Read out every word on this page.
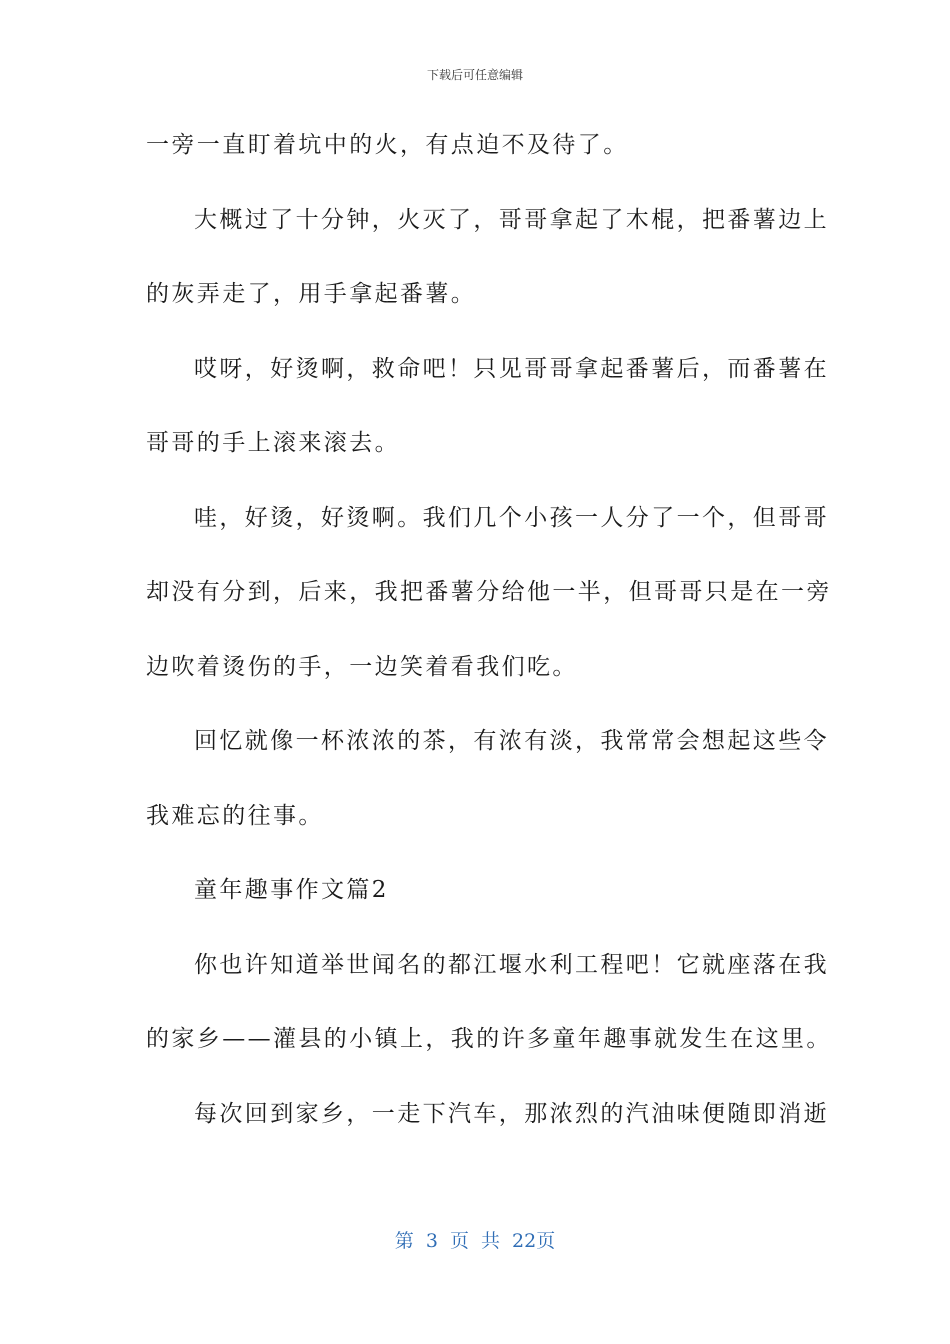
下载后可任意编辑
一旁一直盯着坑中的火，有点迫不及待了。
大概过了十分钟，火灭了，哥哥拿起了木棍，把番薯边上
的灰弄走了，用手拿起番薯。
哎呀，好烫啊，救命吧！只见哥哥拿起番薯后，而番薯在
哥哥的手上滚来滚去。
哇，好烫，好烫啊。我们几个小孩一人分了一个，但哥哥
却没有分到，后来，我把番薯分给他一半，但哥哥只是在一旁
边吹着烫伤的手，一边笑着看我们吃。
回忆就像一杯浓浓的茶，有浓有淡，我常常会想起这些令
我难忘的往事。
童年趣事作文篇2
你也许知道举世闻名的都江堰水利工程吧！它就座落在我
的家乡——灌县的小镇上，我的许多童年趣事就发生在这里。
每次回到家乡，一走下汽车，那浓烈的汽油味便随即消逝
第 3 页 共 22页
